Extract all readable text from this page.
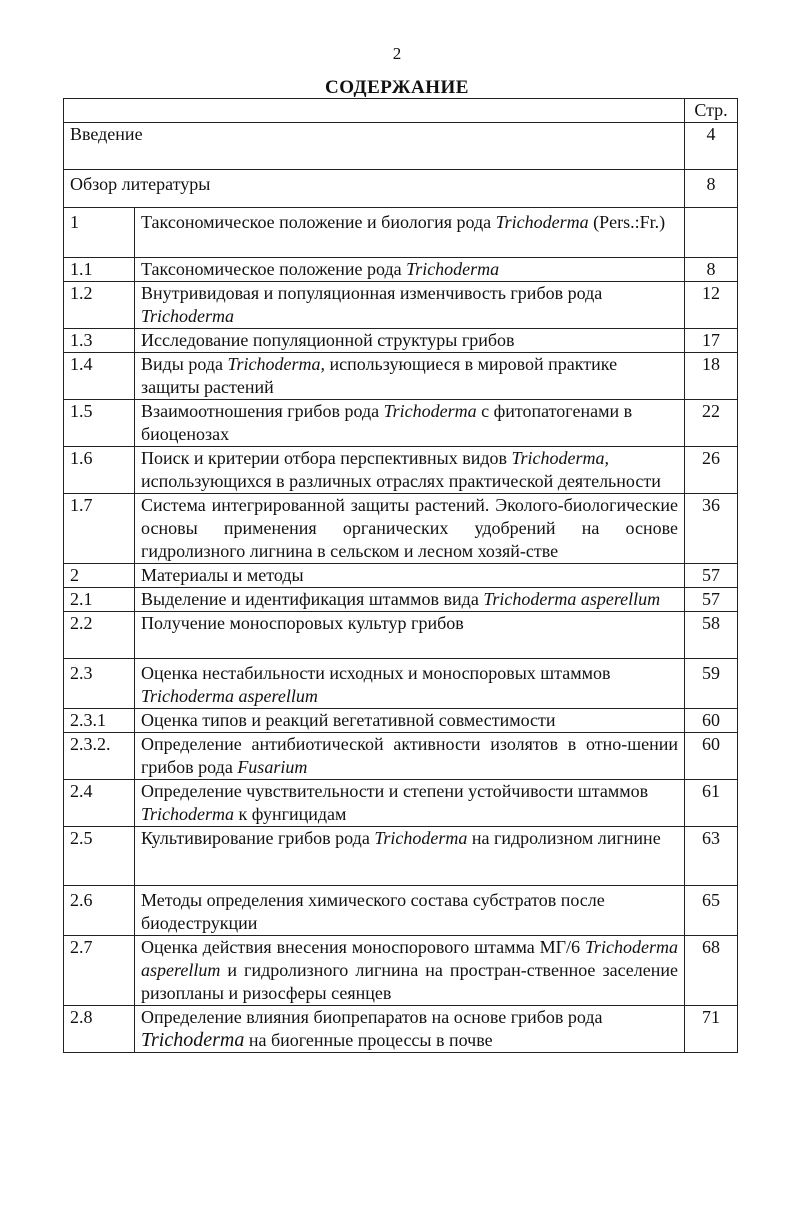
2
СОДЕРЖАНИЕ
		Стр.
Введение		4
Обзор литературы		8
1	Таксономическое положение и биология рода Trichoderma (Pers.:Fr.)	
1.1	Таксономическое положение рода Trichoderma	8
1.2	Внутривидовая и популяционная изменчивость грибов рода Trichoderma	12
1.3	Исследование популяционной структуры грибов	17
1.4	Виды рода Trichoderma, использующиеся в мировой практике защиты растений	18
1.5	Взаимоотношения грибов рода Trichoderma с фитопатогенами в биоценозах	22
1.6	Поиск и критерии отбора перспективных видов Trichoderma, использующихся в различных отраслях практической деятельности	26
1.7	Система интегрированной защиты растений. Эколого-биологические основы применения органических удобрений на основе гидролизного лигнина в сельском и лесном хозяй-стве	36
2	Материалы и методы	57
2.1	Выделение и идентификация штаммов вида Trichoderma asperellum	57
2.2	Получение моноспоровых культур грибов	58
2.3	Оценка нестабильности исходных и моноспоровых штаммов Trichoderma asperellum	59
2.3.1	Оценка типов и реакций вегетативной совместимости	60
2.3.2.	Определение антибиотической активности изолятов в отно-шении грибов рода Fusarium	60
2.4	Определение чувствительности и степени устойчивости штаммов Trichoderma к фунгицидам	61
2.5	Культивирование грибов рода Trichoderma на гидролизном лигнине	63
2.6	Методы определения химического состава субстратов после биодеструкции	65
2.7	Оценка действия внесения моноспорового штамма МГ/6 Trichoderma asperellum и гидролизного лигнина на простран-ственное заселение ризопланы и ризосферы сеянцев	68
2.8	Определение влияния биопрепаратов на основе грибов рода Trichoderma на биогенные процессы в почве	71
